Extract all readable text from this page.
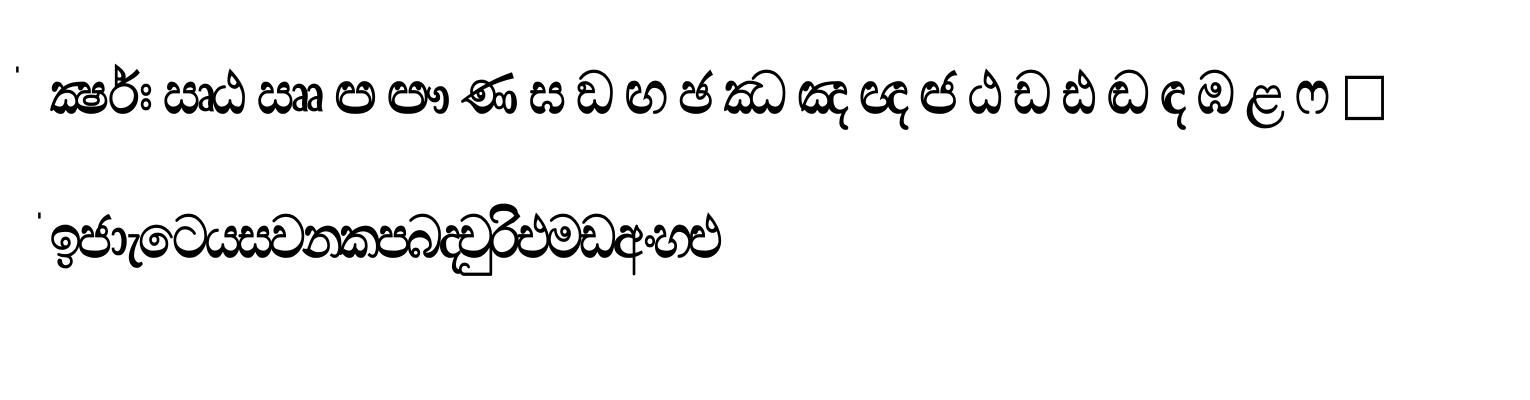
' ර්ක්‍ෂඃ ඍඨ ඎ ඏ ඐ ණ ඝ ඞ ඟ ඡ ඣ ඤ ඥ ඦ ඨ ඩ ඪ ඬ ඳ ඹ ළ ෆ □
' ඉජාැටෙයසවනකපබදචුරිඑමඩඅංහළු
